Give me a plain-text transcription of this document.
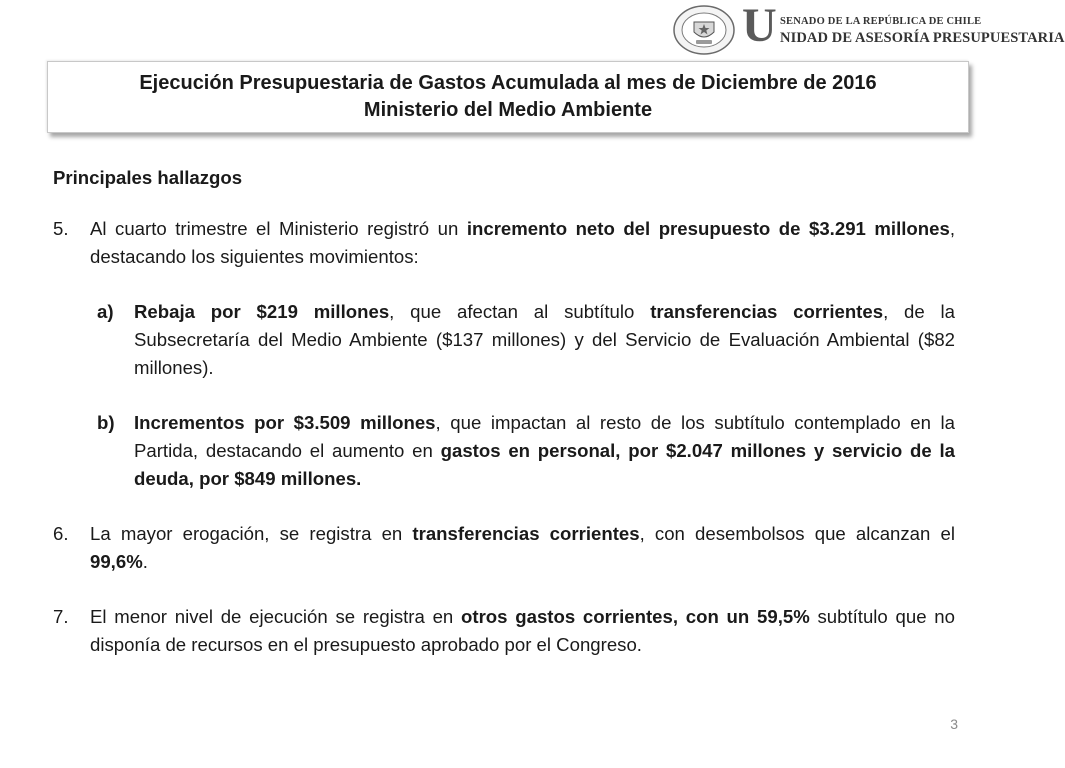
U SENADO DE LA REPÚBLICA DE CHILE
NIDAD DE ASESORÍA PRESUPUESTARIA
Ejecución Presupuestaria de Gastos Acumulada al mes de Diciembre de 2016
Ministerio del Medio Ambiente
Principales hallazgos
5. Al cuarto trimestre el Ministerio registró un incremento neto del presupuesto de $3.291 millones, destacando los siguientes movimientos:
a) Rebaja por $219 millones, que afectan al subtítulo transferencias corrientes, de la Subsecretaría del Medio Ambiente ($137 millones) y del Servicio de Evaluación Ambiental ($82 millones).
b) Incrementos por $3.509 millones, que impactan al resto de los subtítulo contemplado en la Partida, destacando el aumento en gastos en personal, por $2.047 millones y servicio de la deuda, por $849 millones.
6. La mayor erogación, se registra en transferencias corrientes, con desembolsos que alcanzan el 99,6%.
7. El menor nivel de ejecución se registra en otros gastos corrientes, con un 59,5% subtítulo que no disponía de recursos en el presupuesto aprobado por el Congreso.
3
